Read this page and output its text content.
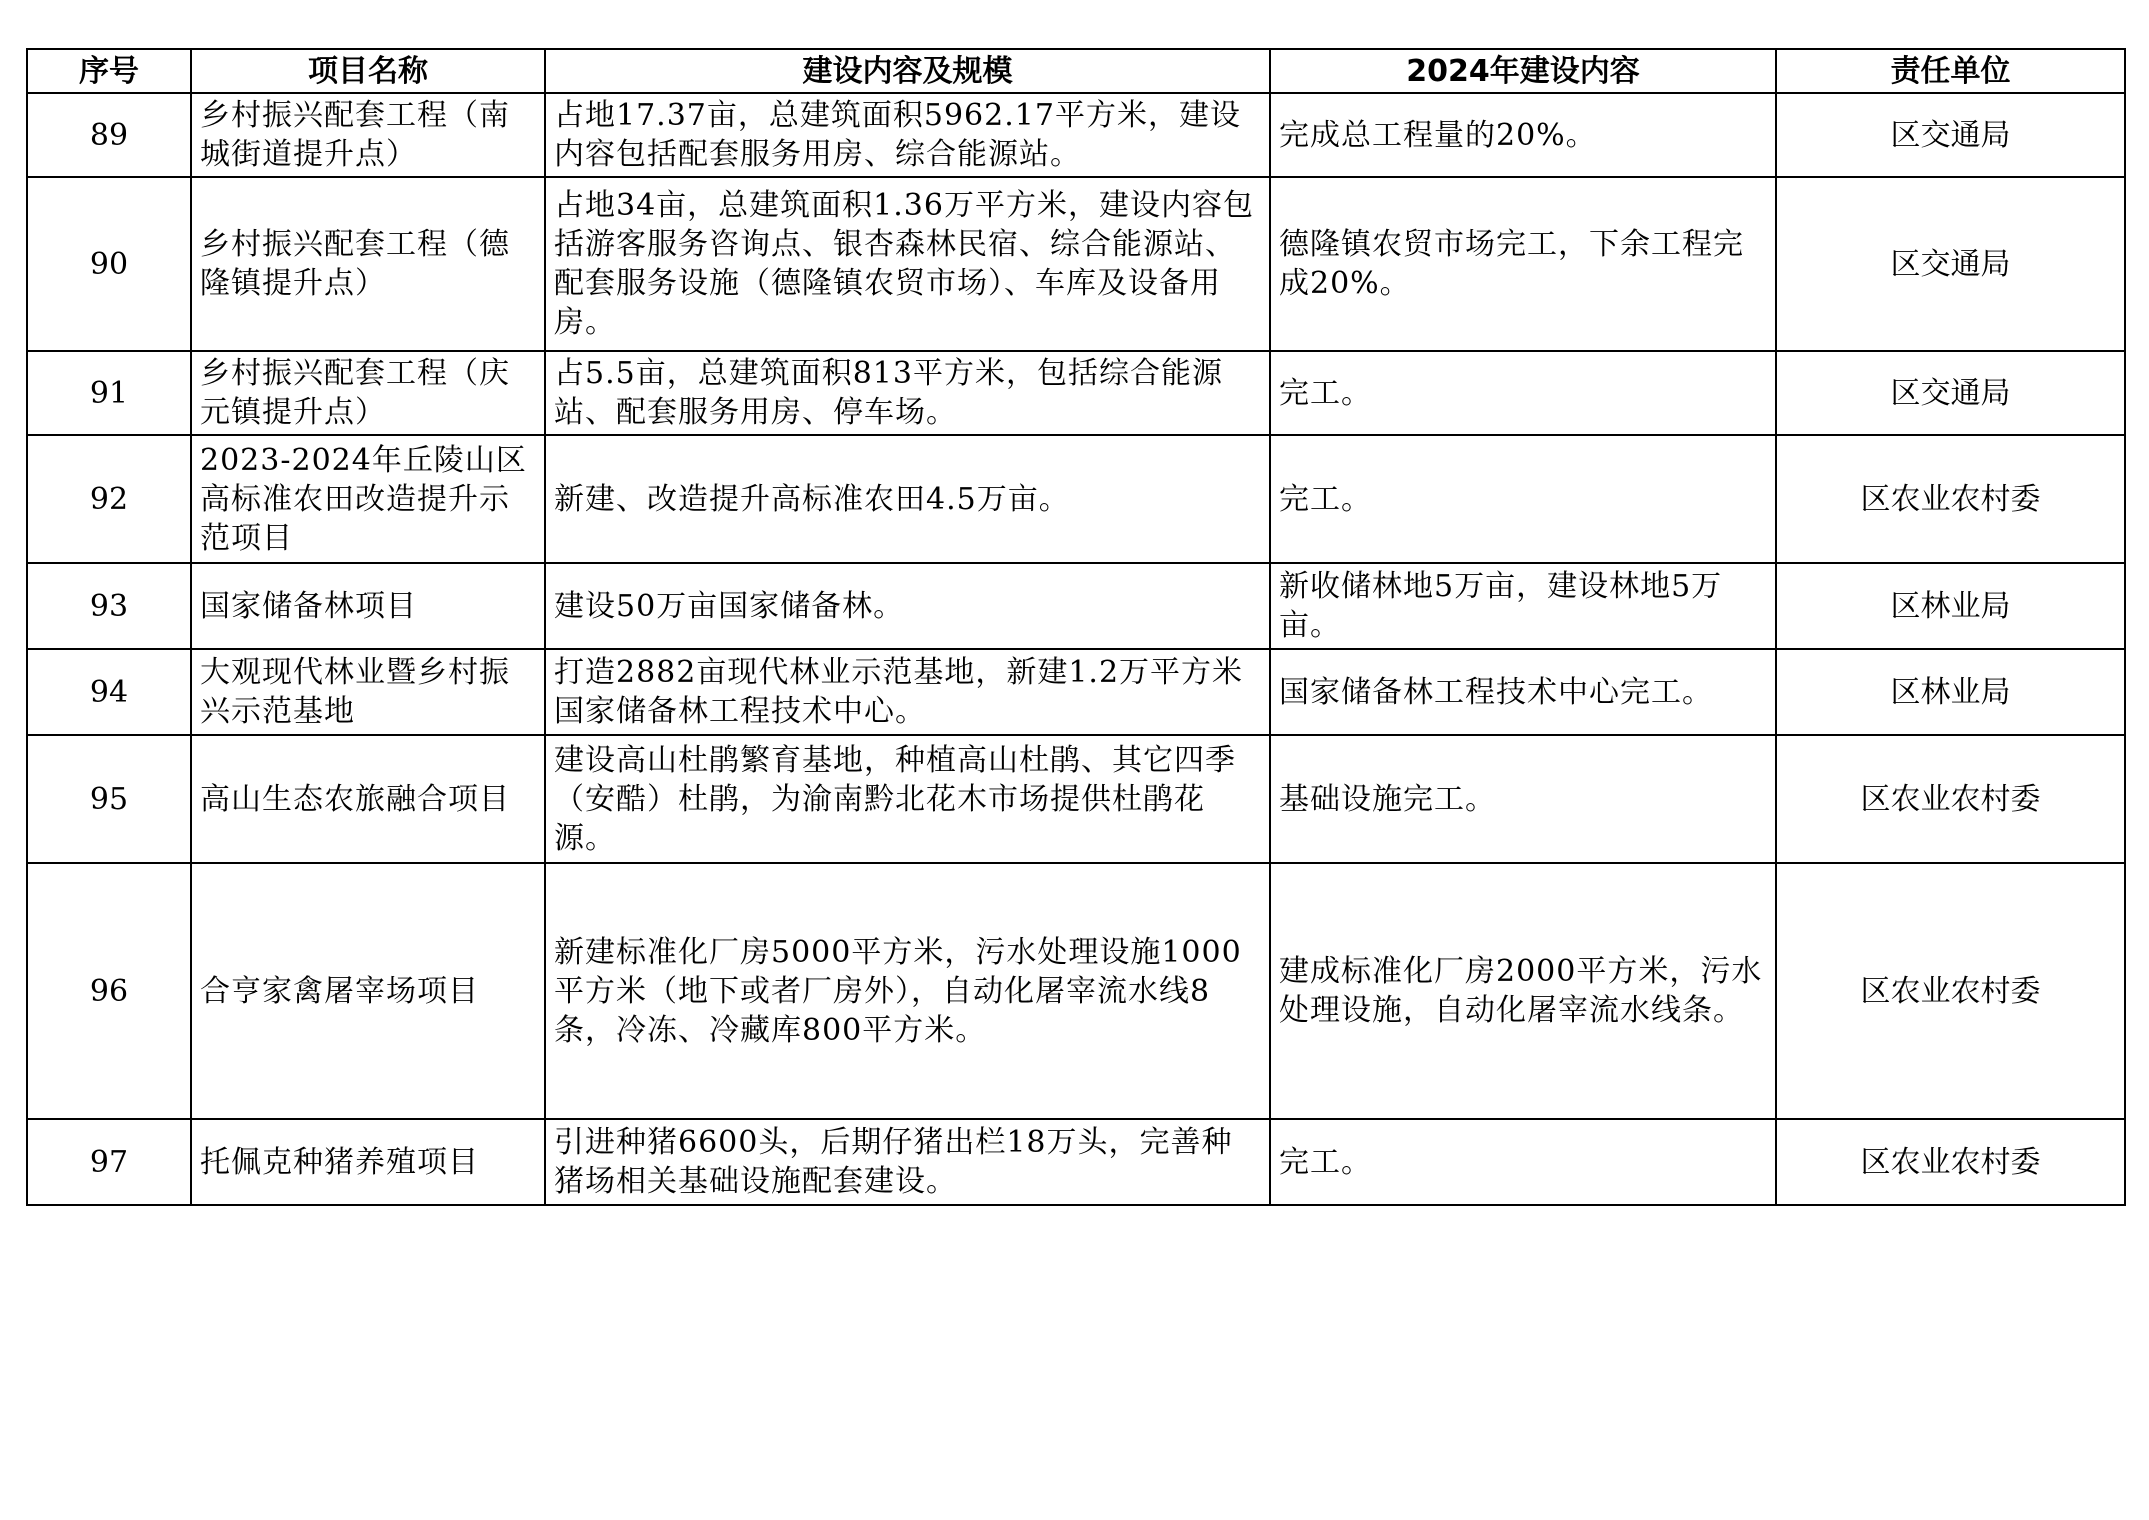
序号	项目名称	建设内容及规模	2024年建设内容	责任单位
89	乡村振兴配套工程（南城街道提升点）	占地17.37亩，总建筑面积5962.17平方米，建设内容包括配套服务用房、综合能源站。	完成总工程量的20%。	区交通局
90	乡村振兴配套工程（德隆镇提升点）	占地34亩，总建筑面积1.36万平方米，建设内容包括游客服务咨询点、银杏森林民宿、综合能源站、配套服务设施（德隆镇农贸市场）、车库及设备用房。	德隆镇农贸市场完工，下余工程完成20%。	区交通局
91	乡村振兴配套工程（庆元镇提升点）	占5.5亩，总建筑面积813平方米，包括综合能源站、配套服务用房、停车场。	完工。	区交通局
92	2023-2024年丘陵山区高标准农田改造提升示范项目	新建、改造提升高标准农田4.5万亩。	完工。	区农业农村委
93	国家储备林项目	建设50万亩国家储备林。	新收储林地5万亩，建设林地5万亩。	区林业局
94	大观现代林业暨乡村振兴示范基地	打造2882亩现代林业示范基地，新建1.2万平方米国家储备林工程技术中心。	国家储备林工程技术中心完工。	区林业局
95	高山生态农旅融合项目	建设高山杜鹃繁育基地，种植高山杜鹃、其它四季（安酷）杜鹃，为渝南黔北花木市场提供杜鹃花源。	基础设施完工。	区农业农村委
96	合亨家禽屠宰场项目	新建标准化厂房5000平方米，污水处理设施1000平方米（地下或者厂房外），自动化屠宰流水线8条，冷冻、冷藏库800平方米。	建成标准化厂房2000平方米，污水处理设施，自动化屠宰流水线条。	区农业农村委
97	托佩克种猪养殖项目	引进种猪6600头，后期仔猪出栏18万头，完善种猪场相关基础设施配套建设。	完工。	区农业农村委
